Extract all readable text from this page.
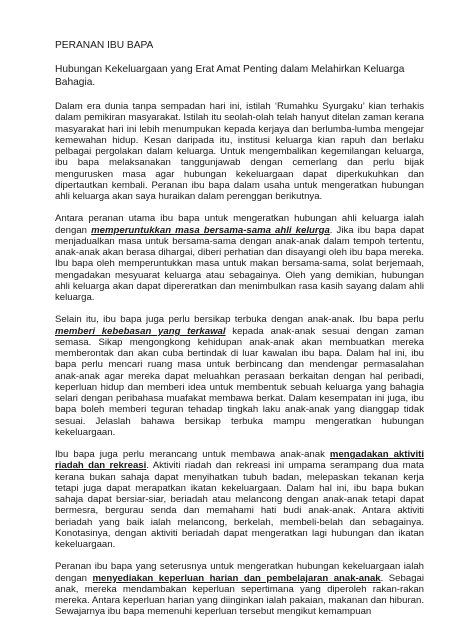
PERANAN IBU BAPA

Hubungan Kekeluargaan yang Erat Amat Penting dalam Melahirkan Keluarga Bahagia.

Dalam era dunia tanpa sempadan hari ini, istilah ‘Rumahku Syurgaku’ kian terhakis dalam pemikiran masyarakat. Istilah itu seolah-olah telah hanyut ditelan zaman kerana masyarakat hari ini lebih menumpukan kepada kerjaya dan berlumba-lumba mengejar kemewahan hidup. Kesan daripada itu, institusi keluarga kian rapuh dan berlaku pelbagai pergolakan dalam keluarga. Untuk mengembalikan kegemilangan keluarga, ibu bapa melaksanakan tanggunjawab dengan cemerlang dan perlu bijak mengurusken masa agar hubungan kekeluargaan dapat diperkukuhkan dan dipertautkan kembali. Peranan ibu bapa dalam usaha untuk mengeratkan hubungan ahli keluarga akan saya huraikan dalam perenggan berikutnya.

Antara peranan utama ibu bapa untuk mengeratkan hubungan ahli keluarga ialah dengan memperuntukkan masa bersama-sama ahli kelurga. Jika ibu bapa dapat menjadualkan masa untuk bersama-sama dengan anak-anak dalam tempoh tertentu, anak-anak akan berasa dihargai, diberi perhatian dan disayangi oleh ibu bapa mereka. Ibu bapa oleh memperuntukkan masa untuk makan bersama-sama, solat berjemaah, mengadakan mesyuarat keluarga atau sebagainya. Oleh yang demikian, hubungan ahli keluarga akan dapat dipereratkan dan menimbulkan rasa kasih sayang dalam ahli keluarga.

Selain itu, ibu bapa juga perlu bersikap terbuka dengan anak-anak. Ibu bapa perlu memberi kebebasan yang terkawal kepada anak-anak sesuai dengan zaman semasa. Sikap mengongkong kehidupan anak-anak akan membuatkan mereka memberontak dan akan cuba bertindak di luar kawalan ibu bapa. Dalam hal ini, ibu bapa perlu mencari ruang masa untuk berbincang dan mendengar permasalahan anak-anak agar mereka dapat meluahkan perasaan berkaitan dengan hal peribadi, keperluan hidup dan memberi idea untuk membentuk sebuah keluarga yang bahagia selari dengan peribahasa muafakat membawa berkat. Dalam kesempatan ini juga, ibu bapa boleh memberi teguran tehadap tingkah laku anak-anak yang dianggap tidak sesuai. Jelaslah bahawa bersikap terbuka mampu mengeratkan hubungan kekeluargaan.

Ibu bapa juga perlu merancang untuk membawa anak-anak mengadakan aktiviti riadah dan rekreasi. Aktiviti riadah dan rekreasi ini umpama serampang dua mata kerana bukan sahaja dapat menyihatkan tubuh badan, melepaskan tekanan kerja tetapi juga dapat merapatkan ikatan kekeluargaan. Dalam hal ini, ibu bapa bukan sahaja dapat bersiar-siar, beriadah atau melancong dengan anak-anak tetapi dapat bermesra, bergurau senda dan memahami hati budi anak-anak. Antara aktiviti beriadah yang baik ialah melancong, berkelah, membeli-belah dan sebagainya. Konotasinya, dengan aktiviti beriadah dapat mengeratkan lagi hubungan dan ikatan kekeluargaan.

Peranan ibu bapa yang seterusnya untuk mengeratkan hubungan kekeluargaan ialah dengan menyediakan keperluan harian dan pembelajaran anak-anak. Sebagai anak, mereka mendambakan keperluan sepertimana yang diperoleh rakan-rakan mereka. Antara keperluan harian yang diinginkan ialah pakaian, makanan dan hiburan. Sewajarnya ibu bapa memenuhi keperluan tersebut mengikut kemampuan
